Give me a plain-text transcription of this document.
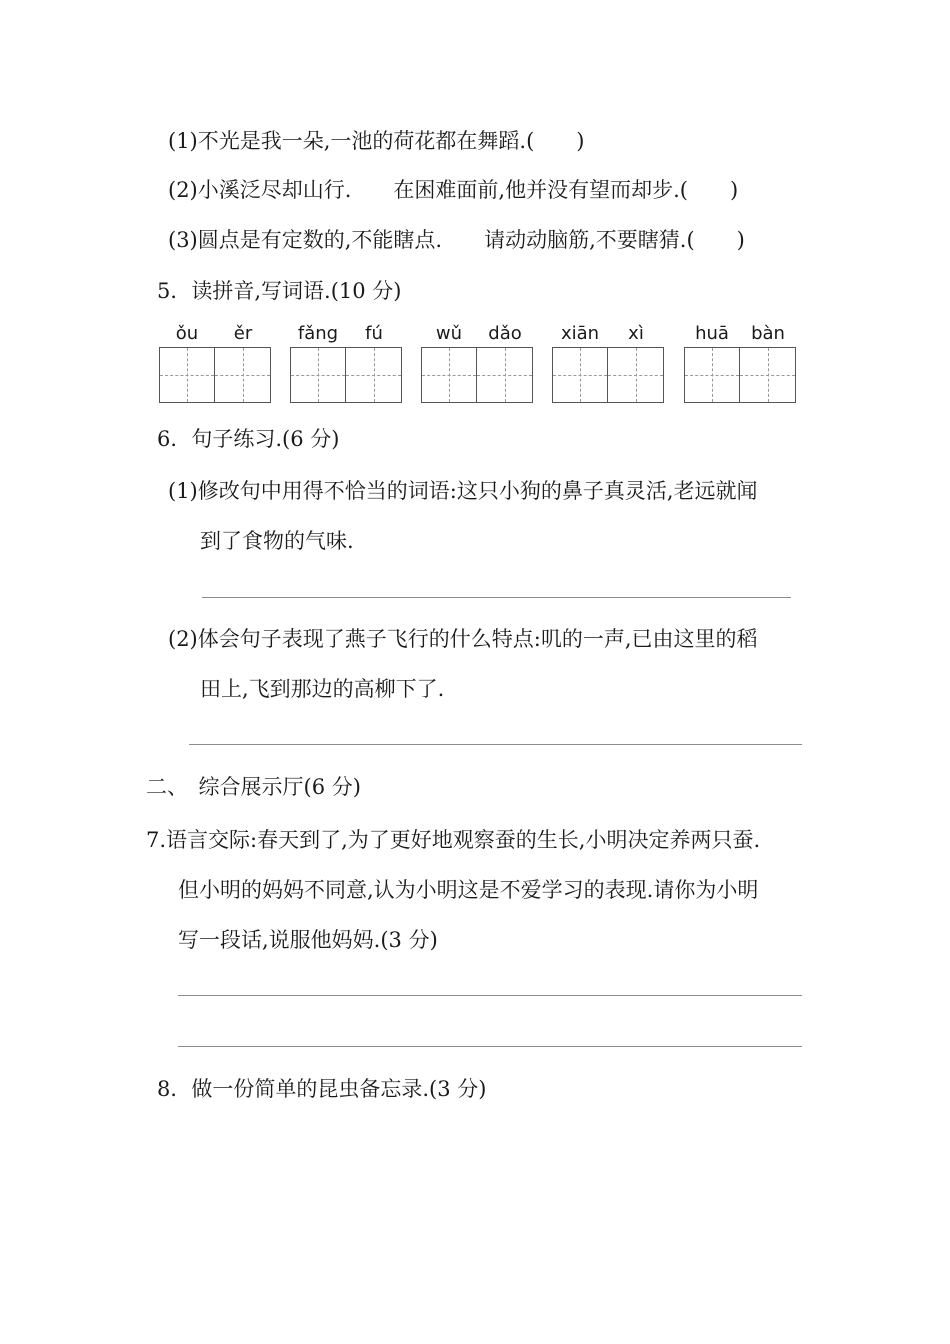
(1)不光是我一朵,一池的荷花都在舞蹈.(　　)
(2)小溪泛尽却山行.　　在困难面前,他并没有望而却步.(　　)
(3)圆点是有定数的,不能瞎点.　　请动动脑筋,不要瞎猜.(　　)
5．读拼音,写词语.(10 分)
ǒu	ěr	fǎng	fú	wǔ	dǎo	xiān	xì	huā	bàn
6．句子练习.(6 分)
(1)修改句中用得不恰当的词语:这只小狗的鼻子真灵活,老远就闻
到了食物的气味.
(2)体会句子表现了燕子飞行的什么特点:叽的一声,已由这里的稻
田上,飞到那边的高柳下了.
二、　综合展示厅(6 分)
7.语言交际:春天到了,为了更好地观察蚕的生长,小明决定养两只蚕.
但小明的妈妈不同意,认为小明这是不爱学习的表现.请你为小明
写一段话,说服他妈妈.(3 分)
8．做一份简单的昆虫备忘录.(3 分)
